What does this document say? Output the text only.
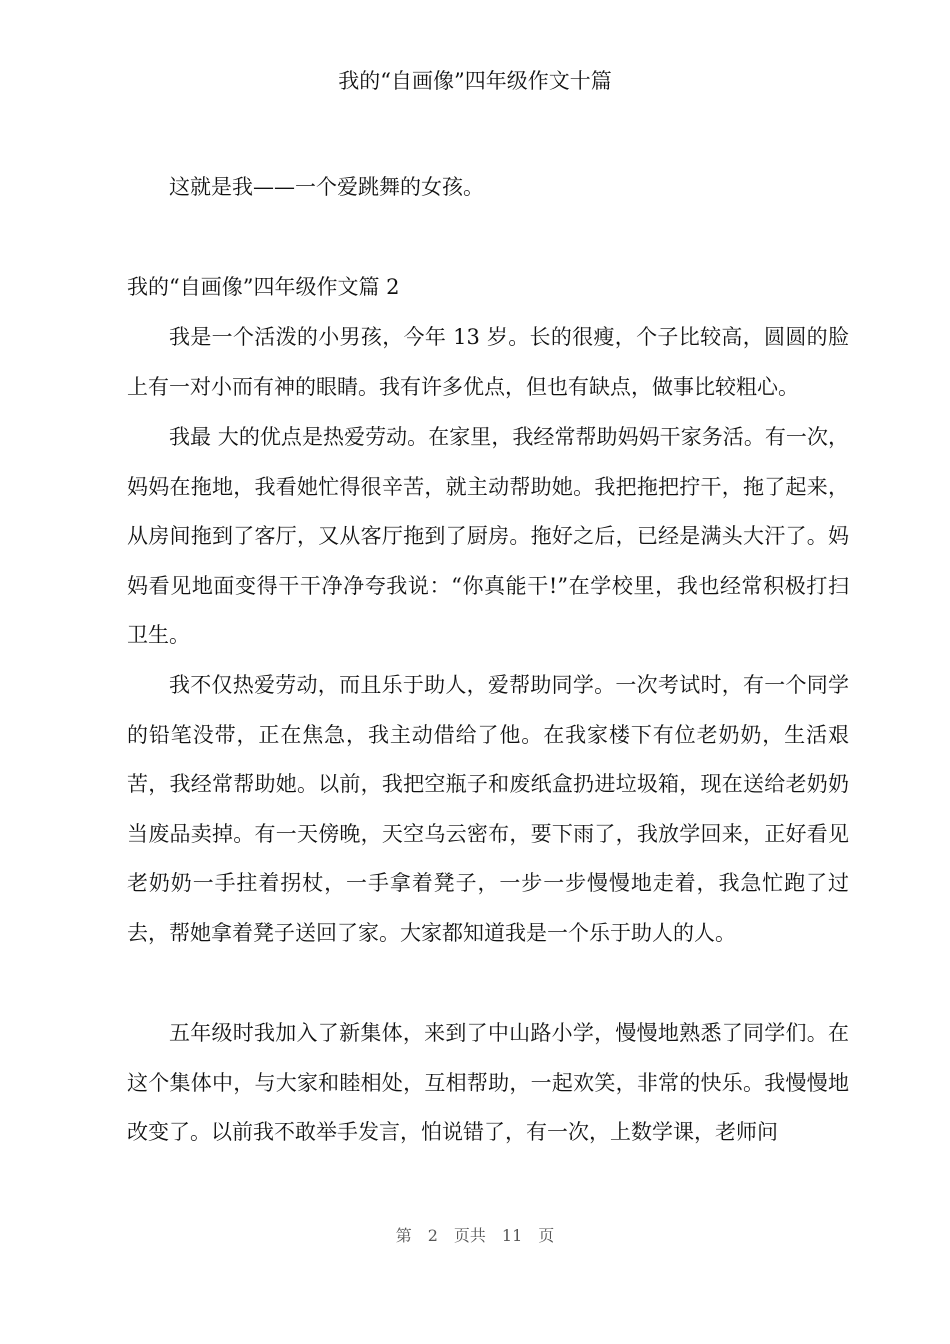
我的“自画像”四年级作文十篇

这就是我——一个爱跳舞的女孩。

我的“自画像”四年级作文篇 2

我是一个活泼的小男孩，今年 13 岁。长的很瘦，个子比较高，圆圆的脸上有一对小而有神的眼睛。我有许多优点，但也有缺点，做事比较粗心。

我最 大的优点是热爱劳动。在家里，我经常帮助妈妈干家务活。有一次，妈妈在拖地，我看她忙得很辛苦，就主动帮助她。我把拖把拧干，拖了起来，从房间拖到了客厅，又从客厅拖到了厨房。拖好之后，已经是满头大汗了。妈妈看见地面变得干干净净夸我说：“你真能干!”在学校里，我也经常积极打扫卫生。

我不仅热爱劳动，而且乐于助人，爱帮助同学。一次考试时，有一个同学的铅笔没带，正在焦急，我主动借给了他。在我家楼下有位老奶奶，生活艰苦，我经常帮助她。以前，我把空瓶子和废纸盒扔进垃圾箱，现在送给老奶奶当废品卖掉。有一天傍晚，天空乌云密布，要下雨了，我放学回来，正好看见老奶奶一手拄着拐杖，一手拿着凳子，一步一步慢慢地走着，我急忙跑了过去，帮她拿着凳子送回了家。大家都知道我是一个乐于助人的人。

五年级时我加入了新集体，来到了中山路小学，慢慢地熟悉了同学们。在这个集体中，与大家和睦相处，互相帮助，一起欢笑，非常的快乐。我慢慢地改变了。以前我不敢举手发言，怕说错了，有一次，上数学课，老师问

第 2 页共 11 页
